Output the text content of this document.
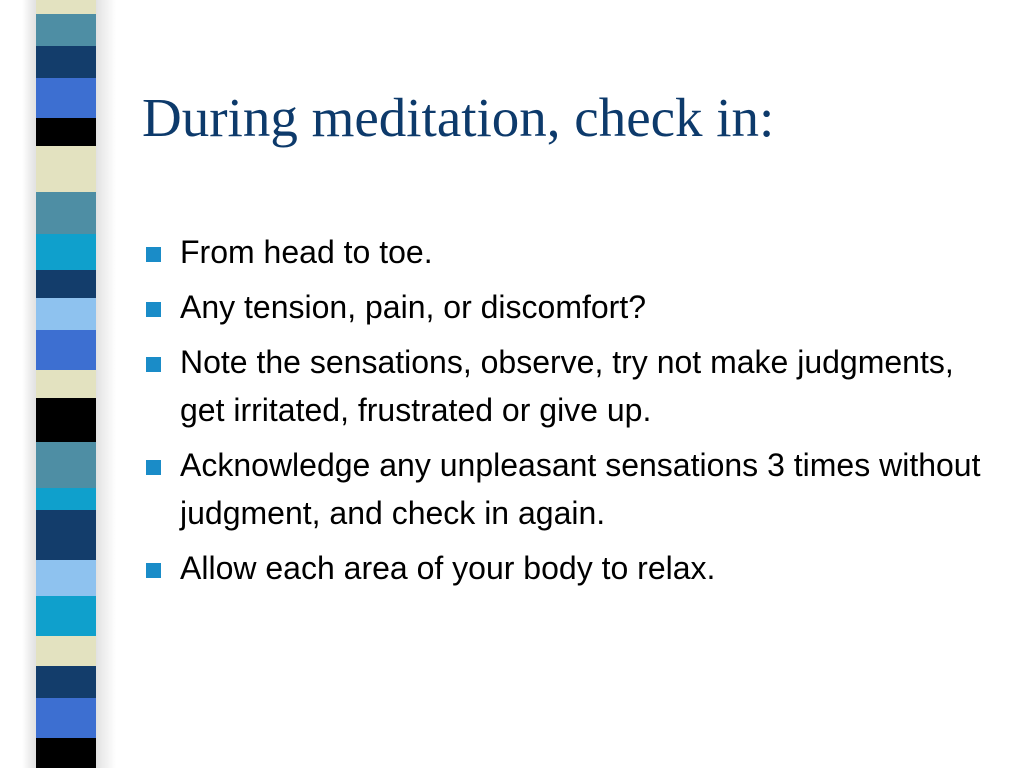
During meditation, check in:
From head to toe.
Any tension, pain, or discomfort?
Note the sensations, observe, try not make judgments, get irritated, frustrated or give up.
Acknowledge any unpleasant sensations 3 times without judgment, and check in again.
Allow each area of your body to relax.
